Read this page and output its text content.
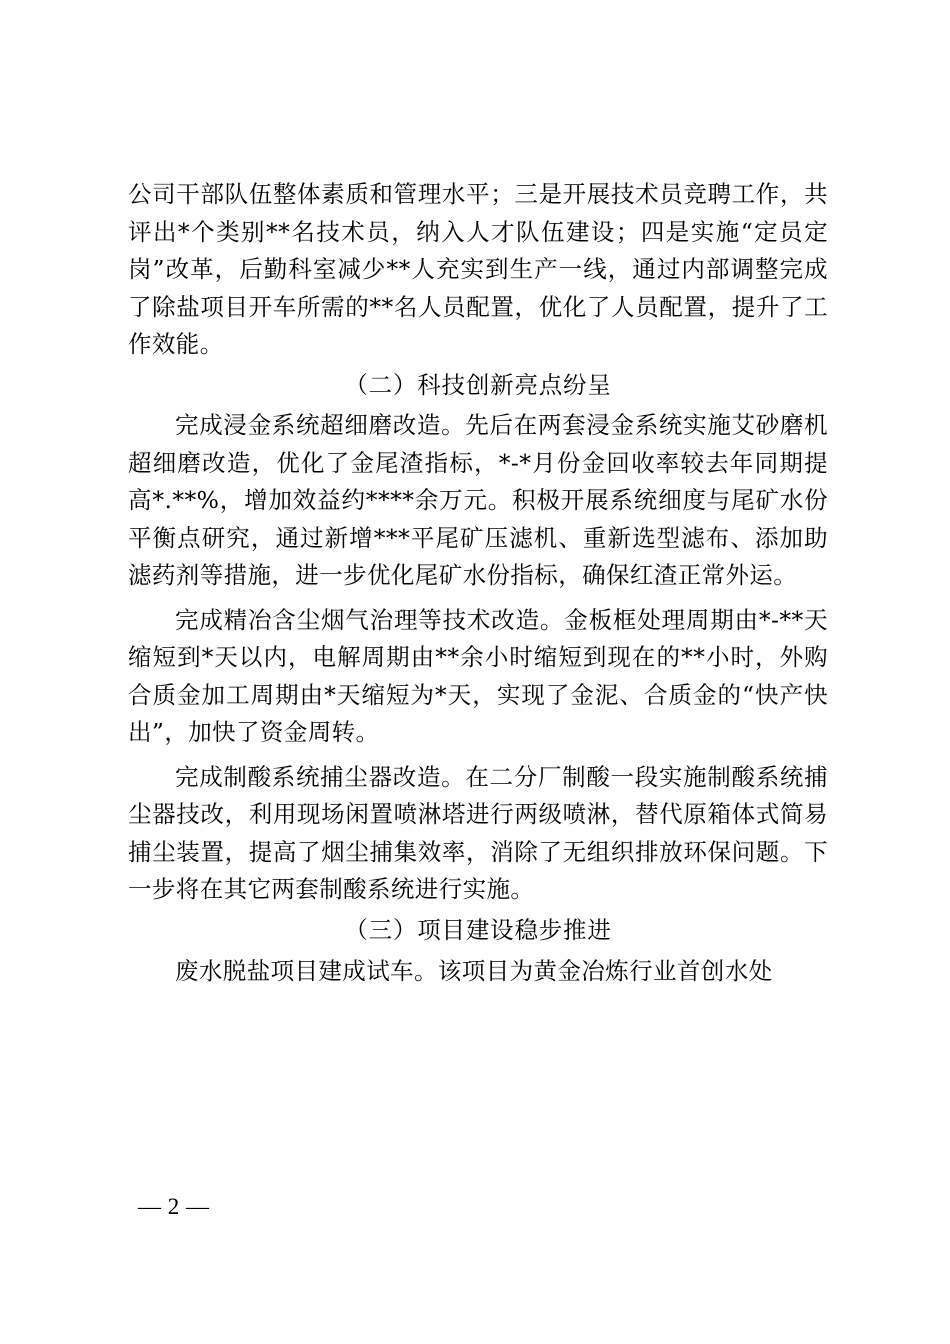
公司干部队伍整体素质和管理水平；三是开展技术员竞聘工作，共评出*个类别**名技术员，纳入人才队伍建设；四是实施“定员定岗”改革，后勤科室减少**人充实到生产一线，通过内部调整完成了除盐项目开车所需的**名人员配置，优化了人员配置，提升了工作效能。

（二）科技创新亮点纷呈

完成浸金系统超细磨改造。先后在两套浸金系统实施艾砂磨机超细磨改造，优化了金尾渣指标，*-*月份金回收率较去年同期提高*.**%，增加效益约****余万元。积极开展系统细度与尾矿水份平衡点研究，通过新增***平尾矿压滤机、重新选型滤布、添加助滤药剂等措施，进一步优化尾矿水份指标，确保红渣正常外运。

完成精冶含尘烟气治理等技术改造。金板框处理周期由*-**天缩短到*天以内，电解周期由**余小时缩短到现在的**小时，外购合质金加工周期由*天缩短为*天，实现了金泥、合质金的“快产快出”，加快了资金周转。

完成制酸系统捕尘器改造。在二分厂制酸一段实施制酸系统捕尘器技改，利用现场闲置喷淋塔进行两级喷淋，替代原箱体式简易捕尘装置，提高了烟尘捕集效率，消除了无组织排放环保问题。下一步将在其它两套制酸系统进行实施。

（三）项目建设稳步推进

废水脱盐项目建成试车。该项目为黄金冶炼行业首创水处

— 2 —
